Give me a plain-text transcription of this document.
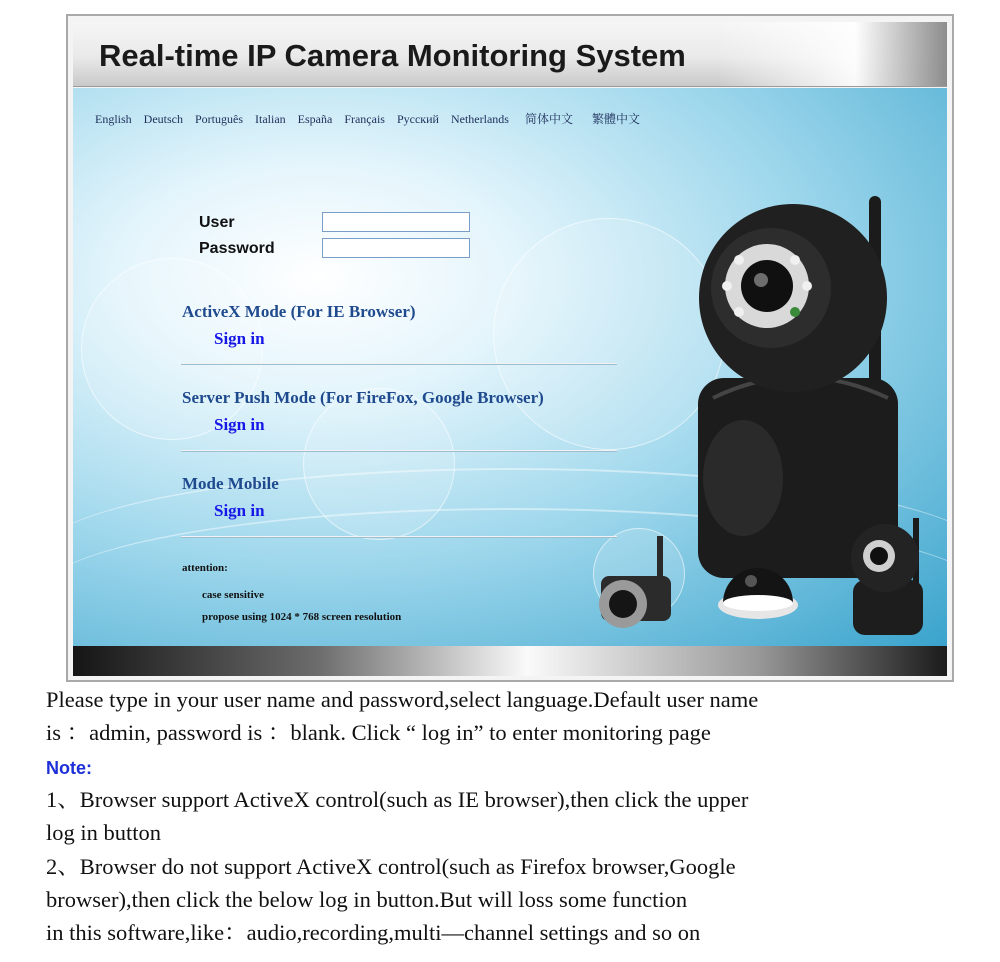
Real-time IP Camera Monitoring System
English Deutsch Português Italian España Français Русский Netherlands 简体中文 繁體中文
User
Password
ActiveX Mode (For IE Browser)
Sign in
Server Push Mode (For FireFox, Google Browser)
Sign in
Mode Mobile
Sign in
attention:
case sensitive
propose using 1024 * 768 screen resolution
Please type in your user name and password,select language.Default user name
is ：admin, password is ：blank. Click “ log in” to enter monitoring page
Note:
1、Browser support ActiveX control(such as IE browser),then click the upper
log in button
2、Browser do not support ActiveX control(such as Firefox browser,Google
browser),then click the below log in button.But will loss some function
in this software,like：audio,recording,multi—channel settings and so on
